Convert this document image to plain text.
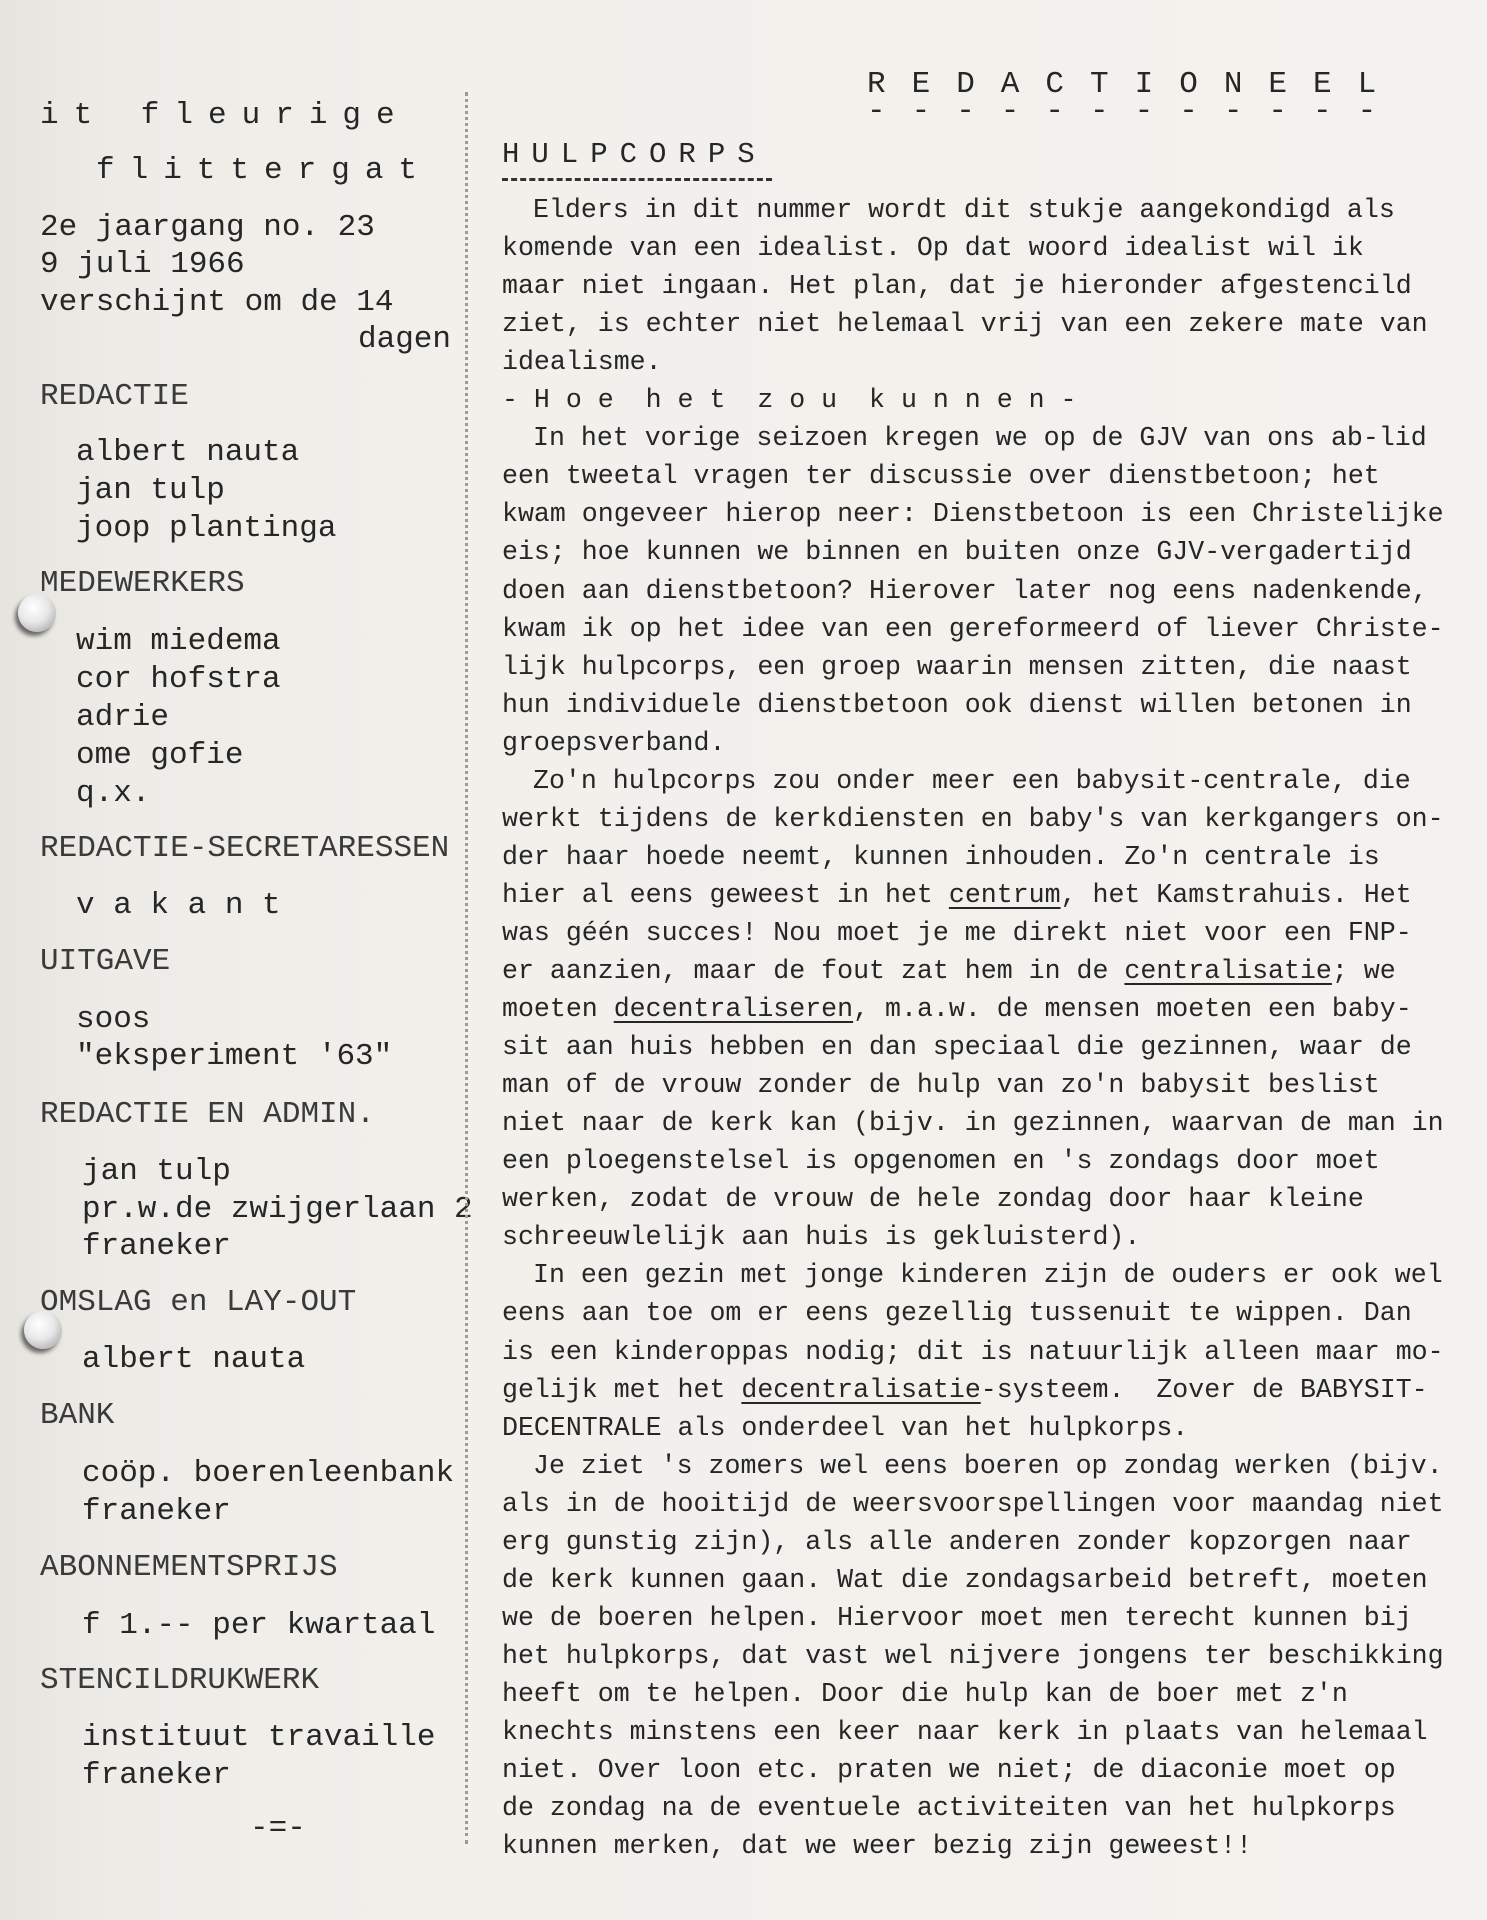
it fleurige
flittergat
2e jaargang no. 23
9 juli 1966
verschijnt om de 14
dagen
REDACTIE
albert nauta
jan tulp
joop plantinga
MEDEWERKERS
wim miedema
cor hofstra
adrie
ome gofie
q.x.
REDACTIE-SECRETARESSEN
v a k a n t
UITGAVE
soos
"eksperiment '63"
REDACTIE EN ADMIN.
jan tulp
pr.w.de zwijgerlaan 2
franeker
OMSLAG en LAY-OUT
albert nauta
BANK
coöp. boerenleenbank
franeker
ABONNEMENTSPRIJS
f 1.-- per kwartaal
STENCILDRUKWERK
instituut travaille
franeker
-=-
REDACTIONEEL
------------
HULPCORPS
Elders in dit nummer wordt dit stukje aangekondigd als
komende van een idealist. Op dat woord idealist wil ik
maar niet ingaan. Het plan, dat je hieronder afgestencild
ziet, is echter niet helemaal vrij van een zekere mate van
idealisme.
- H o e  h e t  z o u  k u n n e n -
In het vorige seizoen kregen we op de GJV van ons ab-lid
een tweetal vragen ter discussie over dienstbetoon; het
kwam ongeveer hierop neer: Dienstbetoon is een Christelijke
eis; hoe kunnen we binnen en buiten onze GJV-vergadertijd
doen aan dienstbetoon? Hierover later nog eens nadenkende,
kwam ik op het idee van een gereformeerd of liever Christe-
lijk hulpcorps, een groep waarin mensen zitten, die naast
hun individuele dienstbetoon ook dienst willen betonen in
groepsverband.
Zo'n hulpcorps zou onder meer een babysit-centrale, die
werkt tijdens de kerkdiensten en baby's van kerkgangers on-
der haar hoede neemt, kunnen inhouden. Zo'n centrale is
hier al eens geweest in het centrum, het Kamstrahuis. Het
was géén succes! Nou moet je me direkt niet voor een FNP-
er aanzien, maar de fout zat hem in de centralisatie; we
moeten decentraliseren, m.a.w. de mensen moeten een baby-
sit aan huis hebben en dan speciaal die gezinnen, waar de
man of de vrouw zonder de hulp van zo'n babysit beslist
niet naar de kerk kan (bijv. in gezinnen, waarvan de man in
een ploegenstelsel is opgenomen en 's zondags door moet
werken, zodat de vrouw de hele zondag door haar kleine
schreeuwlelijk aan huis is gekluisterd).
In een gezin met jonge kinderen zijn de ouders er ook wel
eens aan toe om er eens gezellig tussenuit te wippen. Dan
is een kinderoppas nodig; dit is natuurlijk alleen maar mo-
gelijk met het decentralisatie-systeem.  Zover de BABYSIT-
DECENTRALE als onderdeel van het hulpkorps.
Je ziet 's zomers wel eens boeren op zondag werken (bijv.
als in de hooitijd de weersvoorspellingen voor maandag niet
erg gunstig zijn), als alle anderen zonder kopzorgen naar
de kerk kunnen gaan. Wat die zondagsarbeid betreft, moeten
we de boeren helpen. Hiervoor moet men terecht kunnen bij
het hulpkorps, dat vast wel nijvere jongens ter beschikking
heeft om te helpen. Door die hulp kan de boer met z'n
knechts minstens een keer naar kerk in plaats van helemaal
niet. Over loon etc. praten we niet; de diaconie moet op
de zondag na de eventuele activiteiten van het hulpkorps
kunnen merken, dat we weer bezig zijn geweest!!
